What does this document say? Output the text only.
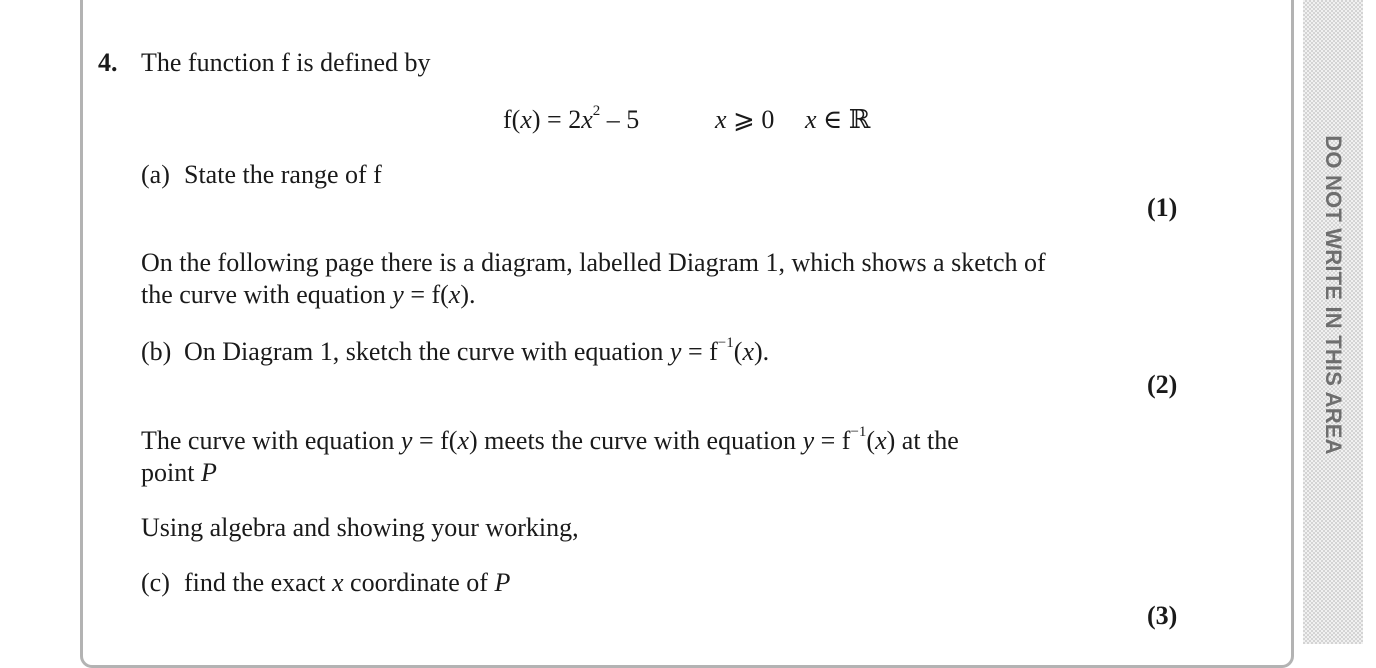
DO NOT WRITE IN THIS AREA
4. The function f is defined by
$f(x) = 2x^2 - 5$	x ⩾ 0 x ∈ ℝ
(a) State the range of f
(1)
On the following page there is a diagram, labelled Diagram 1, which shows a sketch of
the curve with equation y = f(x).
(b) On Diagram 1, sketch the curve with equation $y = f^{-1}(x)$.
(2)
The curve with equation y = f(x) meets the curve with equation $y = f^{-1}(x)$ at the
point P
Using algebra and showing your working,
(c) find the exact x coordinate of P
(3)
